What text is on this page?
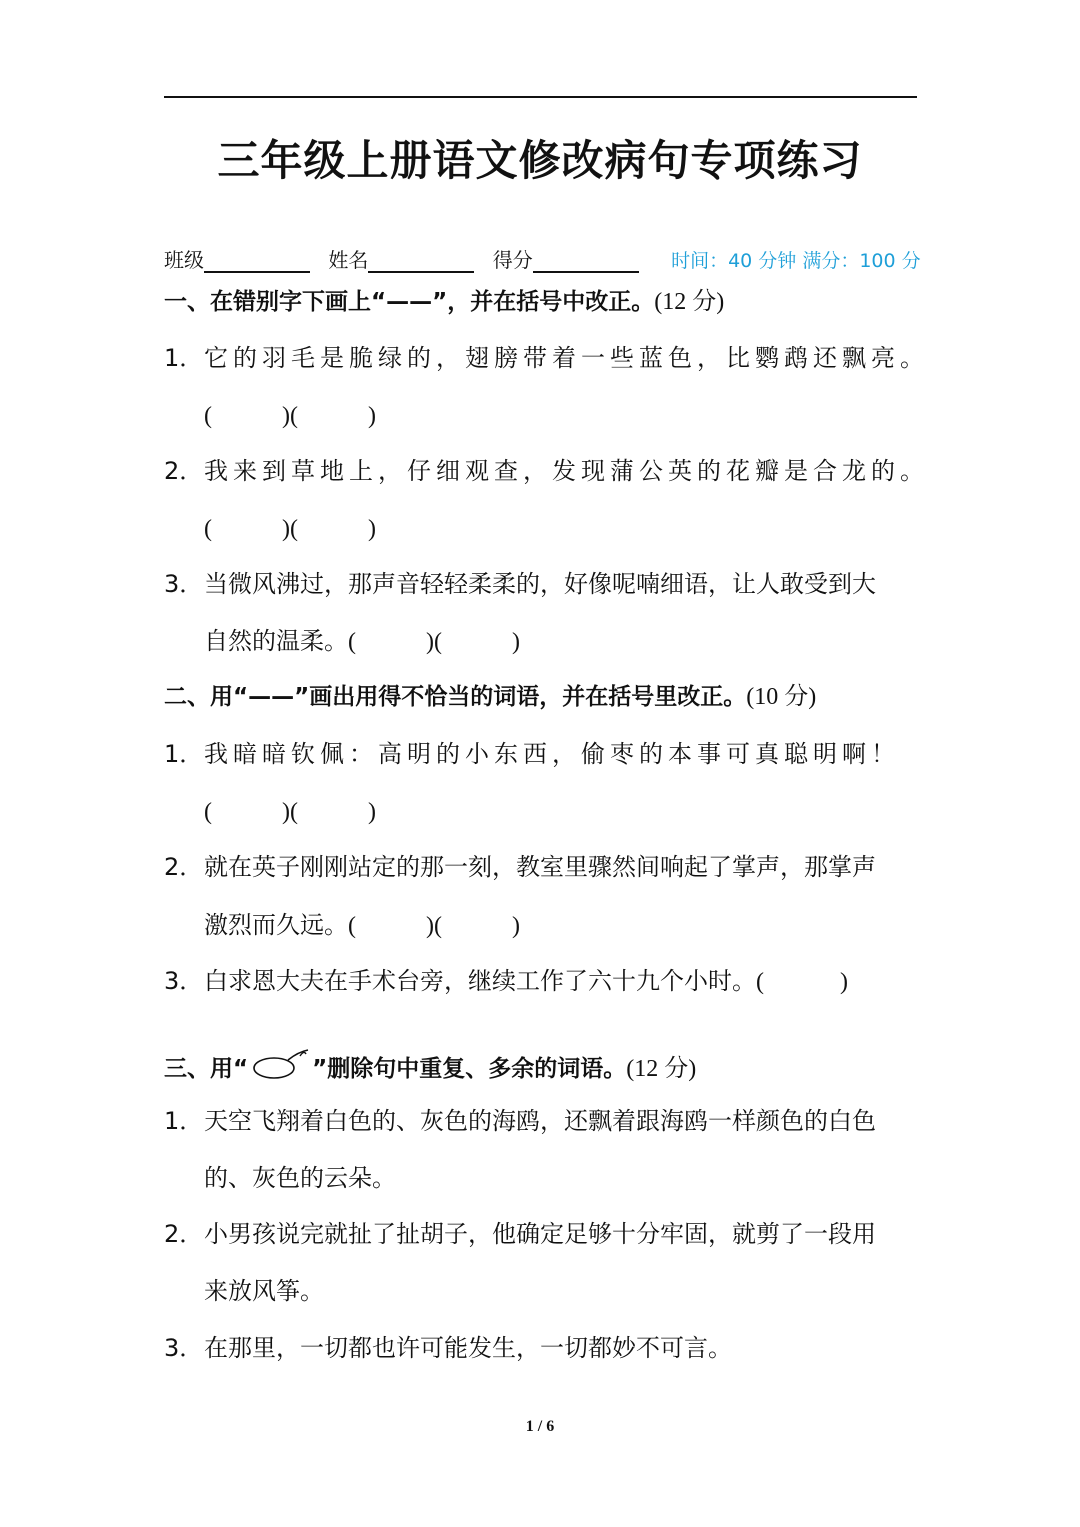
三年级上册语文修改病句专项练习
班级	姓名	得分	时间：40 分钟 满分：100 分
一、在错别字下画上“——”，并在括号中改正。(12 分)
1．它的羽毛是脆绿的，翅膀带着一些蓝色，比鹦鹉还飘亮。
(	)(	)
2．我来到草地上，仔细观查，发现蒲公英的花瓣是合龙的。
(	)(	)
3．当微风沸过，那声音轻轻柔柔的，好像呢喃细语，让人敢受到大
自然的温柔。(	)(	)
二、用“——”画出用得不恰当的词语，并在括号里改正。(10 分)
1．我暗暗钦佩：高明的小东西，偷枣的本事可真聪明啊！
(	)(	)
2．就在英子刚刚站定的那一刻，教室里骤然间响起了掌声，那掌声
激烈而久远。(	)(	)
3．白求恩大夫在手术台旁，继续工作了六十九个小时。(	)
三、用“	”删除句中重复、多余的词语。(12 分)
1．天空飞翔着白色的、灰色的海鸥，还飘着跟海鸥一样颜色的白色
的、灰色的云朵。
2．小男孩说完就扯了扯胡子，他确定足够十分牢固，就剪了一段用
来放风筝。
3．在那里，一切都也许可能发生，一切都妙不可言。
1 / 6
